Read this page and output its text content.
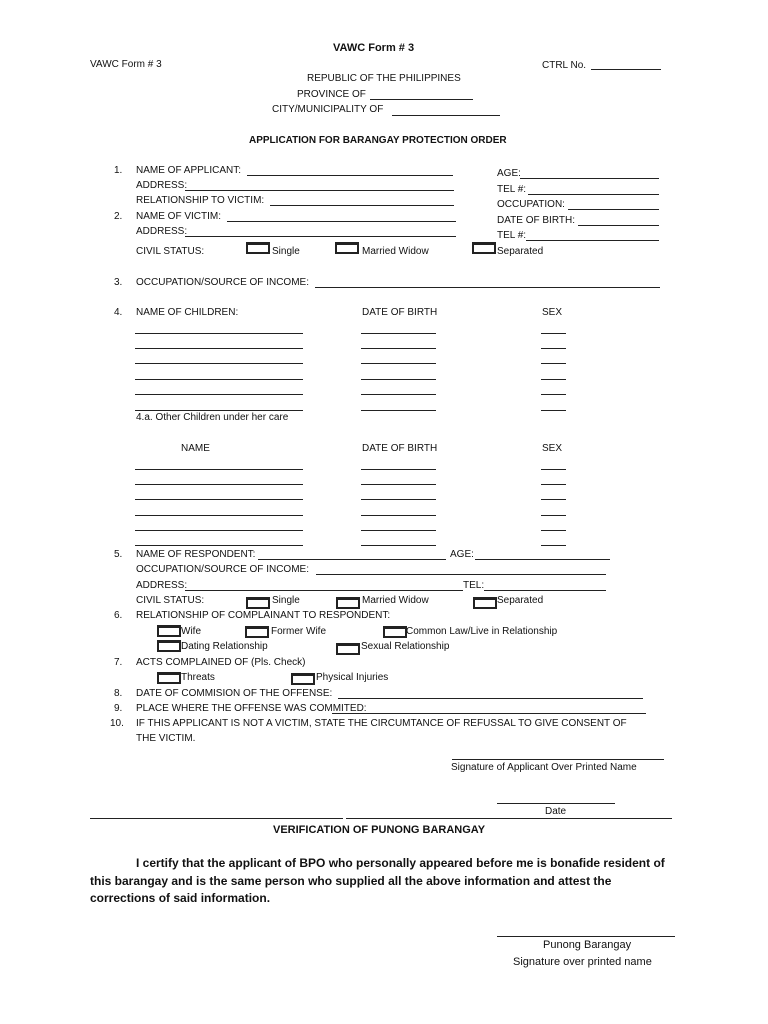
VAWC Form # 3
VAWC Form # 3	CTRL No.
REPUBLIC OF THE PHILIPPINES
PROVINCE OF
CITY/MUNICIPALITY OF
APPLICATION FOR BARANGAY PROTECTION ORDER
1. NAME OF APPLICANT:	AGE:
ADDRESS:	TEL #:
RELATIONSHIP TO VICTIM:	OCCUPATION:
2. NAME OF VICTIM:	DATE OF BIRTH:
ADDRESS:	TEL #:
CIVIL STATUS:	Single	Married Widow	Separated
3. OCCUPATION/SOURCE OF INCOME:
4. NAME OF CHILDREN:	DATE OF BIRTH	SEX
4.a. Other Children under her care
NAME	DATE OF BIRTH	SEX
5. NAME OF RESPONDENT:	AGE:
OCCUPATION/SOURCE OF INCOME:
ADDRESS:	TEL:
CIVIL STATUS:	Single	Married Widow	Separated
6. RELATIONSHIP OF COMPLAINANT TO RESPONDENT:
Wife	Former Wife	Common Law/Live in Relationship
Dating Relationship	Sexual Relationship
7. ACTS COMPLAINED OF (Pls. Check)
Threats	Physical Injuries
8. DATE OF COMMISION OF THE OFFENSE:
9. PLACE WHERE THE OFFENSE WAS COMMITED:
10. IF THIS APPLICANT IS NOT A VICTIM, STATE THE CIRCUMTANCE OF REFUSSAL TO GIVE CONSENT OF
THE VICTIM.
Signature of Applicant Over Printed Name
Date
VERIFICATION OF PUNONG BARANGAY
I certify that the applicant of BPO who personally appeared before me is bonafide resident of
this barangay and is the same person who supplied all the above information and attest the
corrections of said information.
Punong Barangay
Signature over printed name
